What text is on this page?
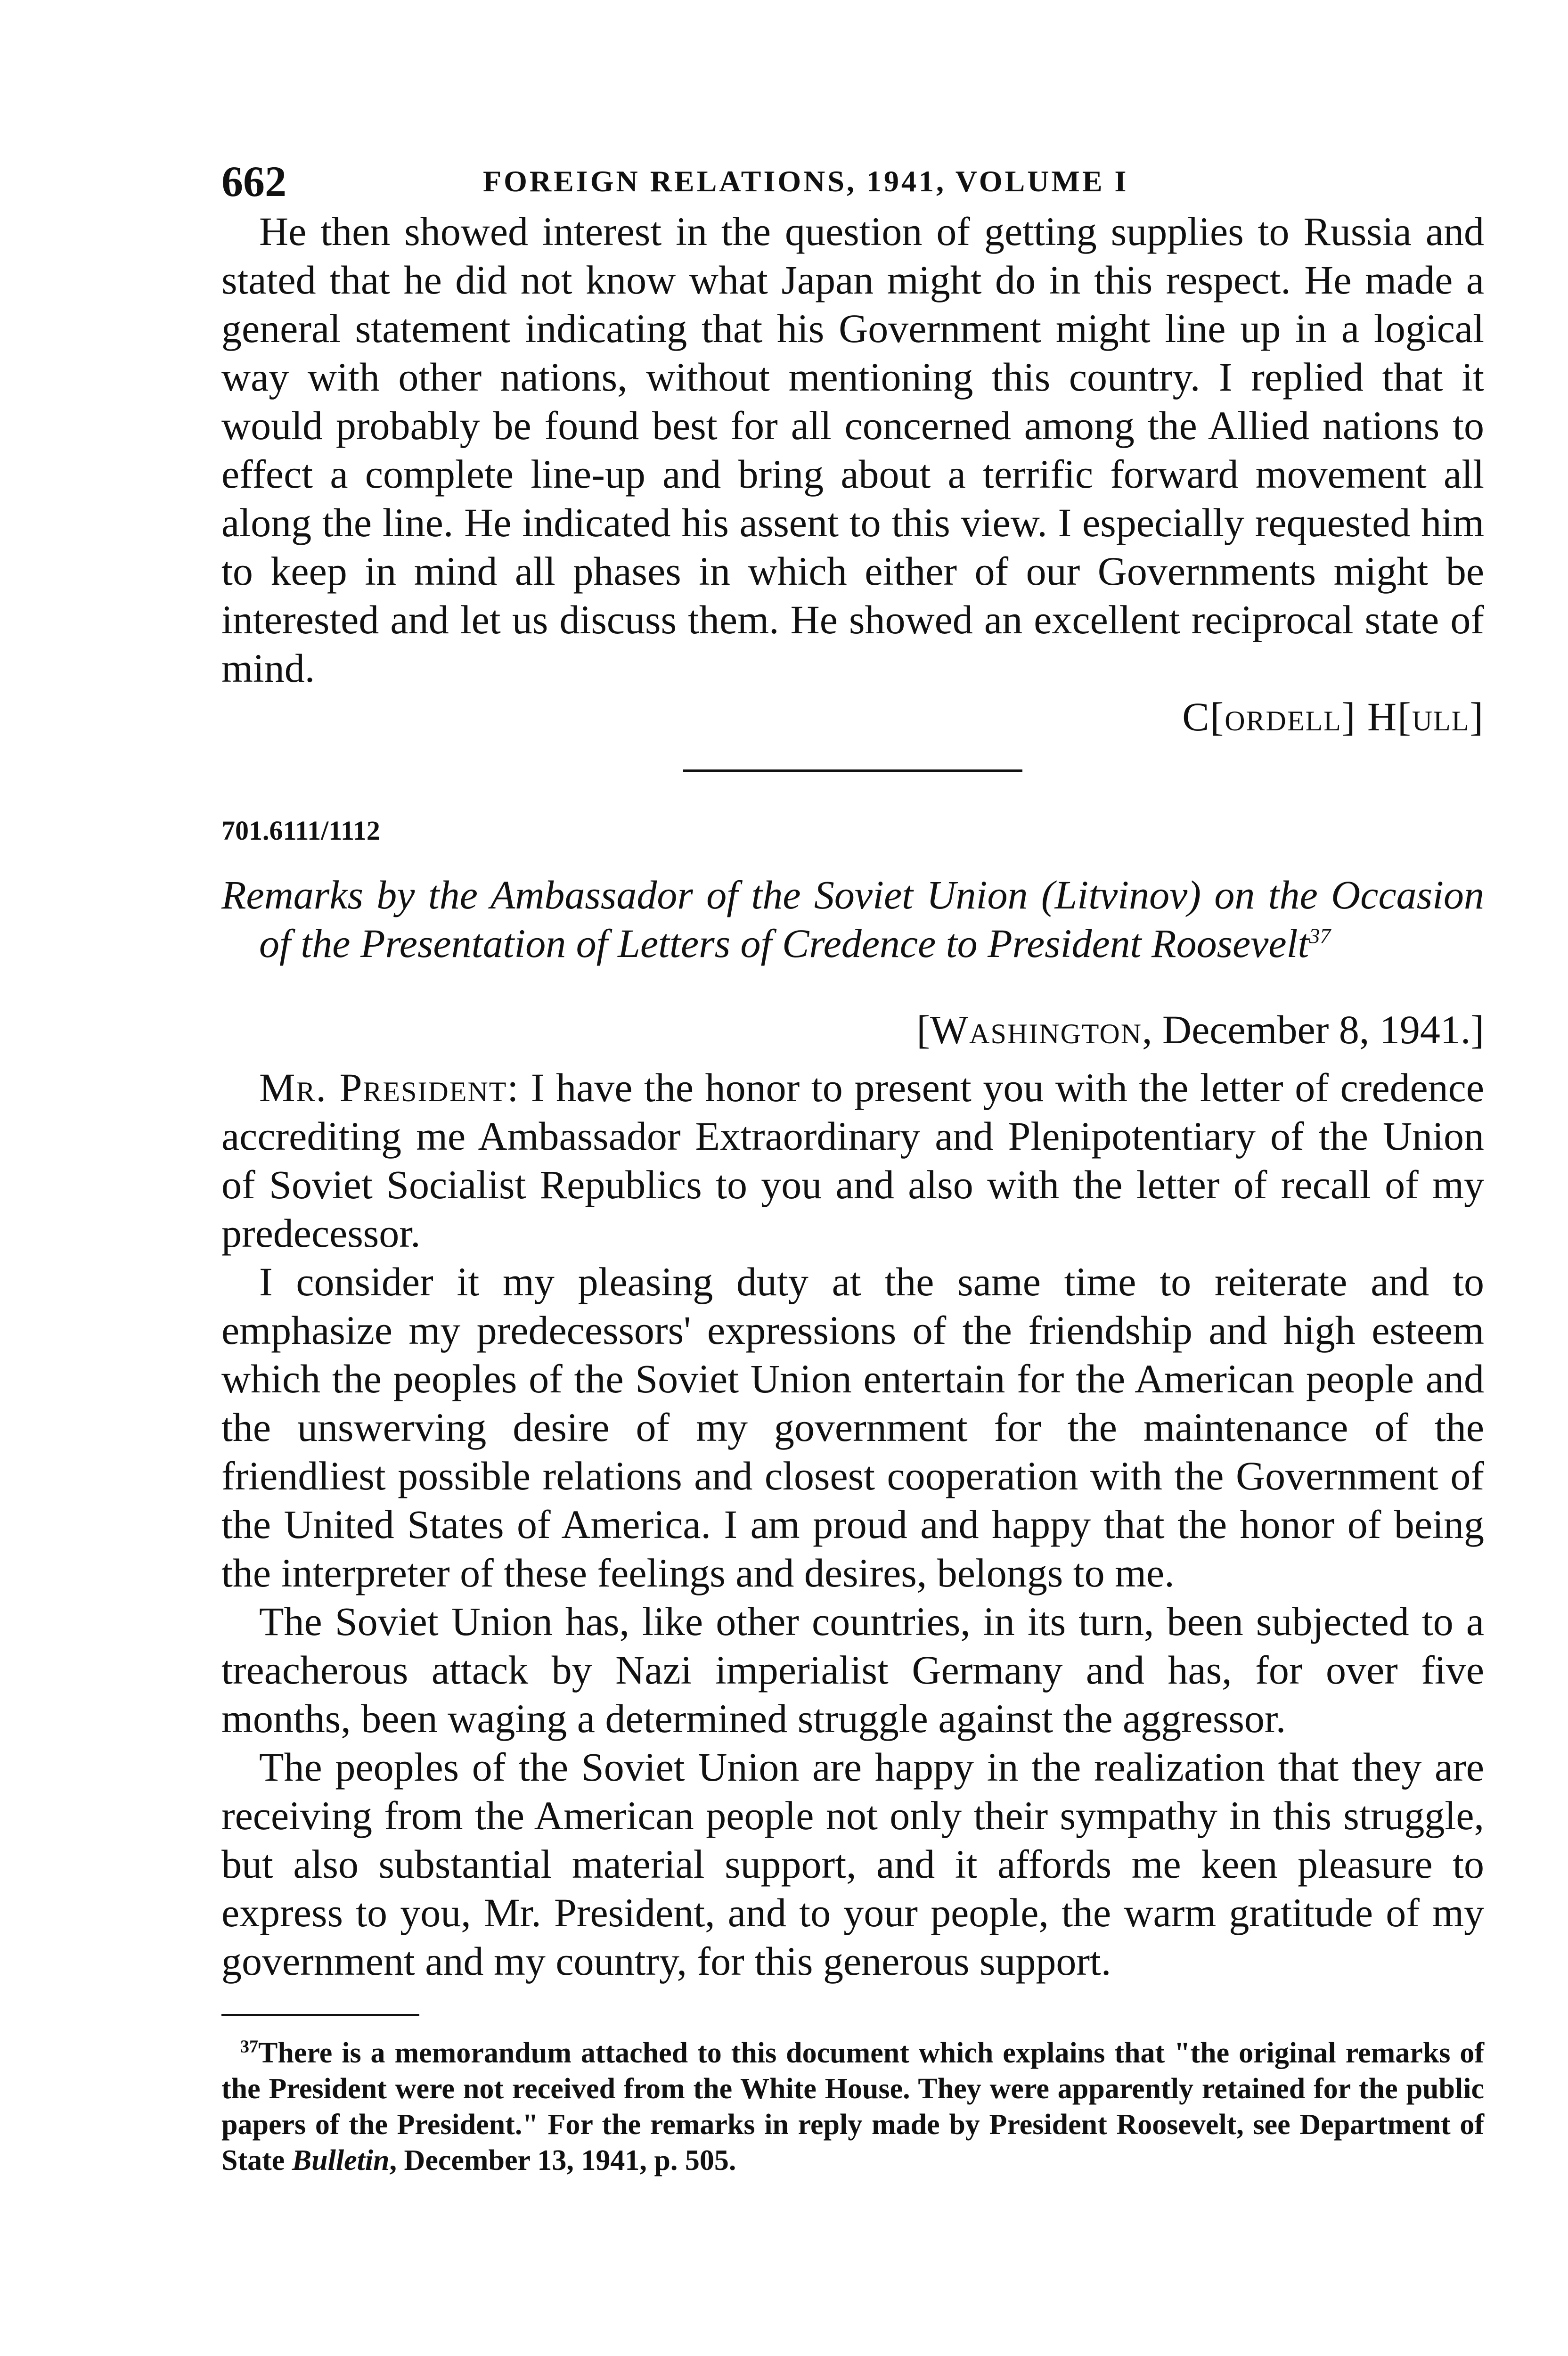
662	FOREIGN RELATIONS, 1941, VOLUME I

He then showed interest in the question of getting supplies to Russia and stated that he did not know what Japan might do in this respect. He made a general statement indicating that his Government might line up in a logical way with other nations, without mentioning this country. I replied that it would probably be found best for all concerned among the Allied nations to effect a complete line-up and bring about a terrific forward movement all along the line. He indicated his assent to this view. I especially requested him to keep in mind all phases in which either of our Governments might be interested and let us discuss them. He showed an excellent reciprocal state of mind.

C[ordell] H[ull]
701.6111/1112
Remarks by the Ambassador of the Soviet Union (Litvinov) on the Occasion of the Presentation of Letters of Credence to President Roosevelt$^{37}$
[Washington, December 8, 1941.]

Mr. President: I have the honor to present you with the letter of credence accrediting me Ambassador Extraordinary and Plenipotentiary of the Union of Soviet Socialist Republics to you and also with the letter of recall of my predecessor.

I consider it my pleasing duty at the same time to reiterate and to emphasize my predecessors' expressions of the friendship and high esteem which the peoples of the Soviet Union entertain for the American people and the unswerving desire of my government for the maintenance of the friendliest possible relations and closest cooperation with the Government of the United States of America. I am proud and happy that the honor of being the interpreter of these feelings and desires, belongs to me.

The Soviet Union has, like other countries, in its turn, been subjected to a treacherous attack by Nazi imperialist Germany and has, for over five months, been waging a determined struggle against the aggressor.

The peoples of the Soviet Union are happy in the realization that they are receiving from the American people not only their sympathy in this struggle, but also substantial material support, and it affords me keen pleasure to express to you, Mr. President, and to your people, the warm gratitude of my government and my country, for this generous support.

$^{37}$There is a memorandum attached to this document which explains that "the original remarks of the President were not received from the White House. They were apparently retained for the public papers of the President." For the remarks in reply made by President Roosevelt, see Department of State Bulletin, December 13, 1941, p. 505.
